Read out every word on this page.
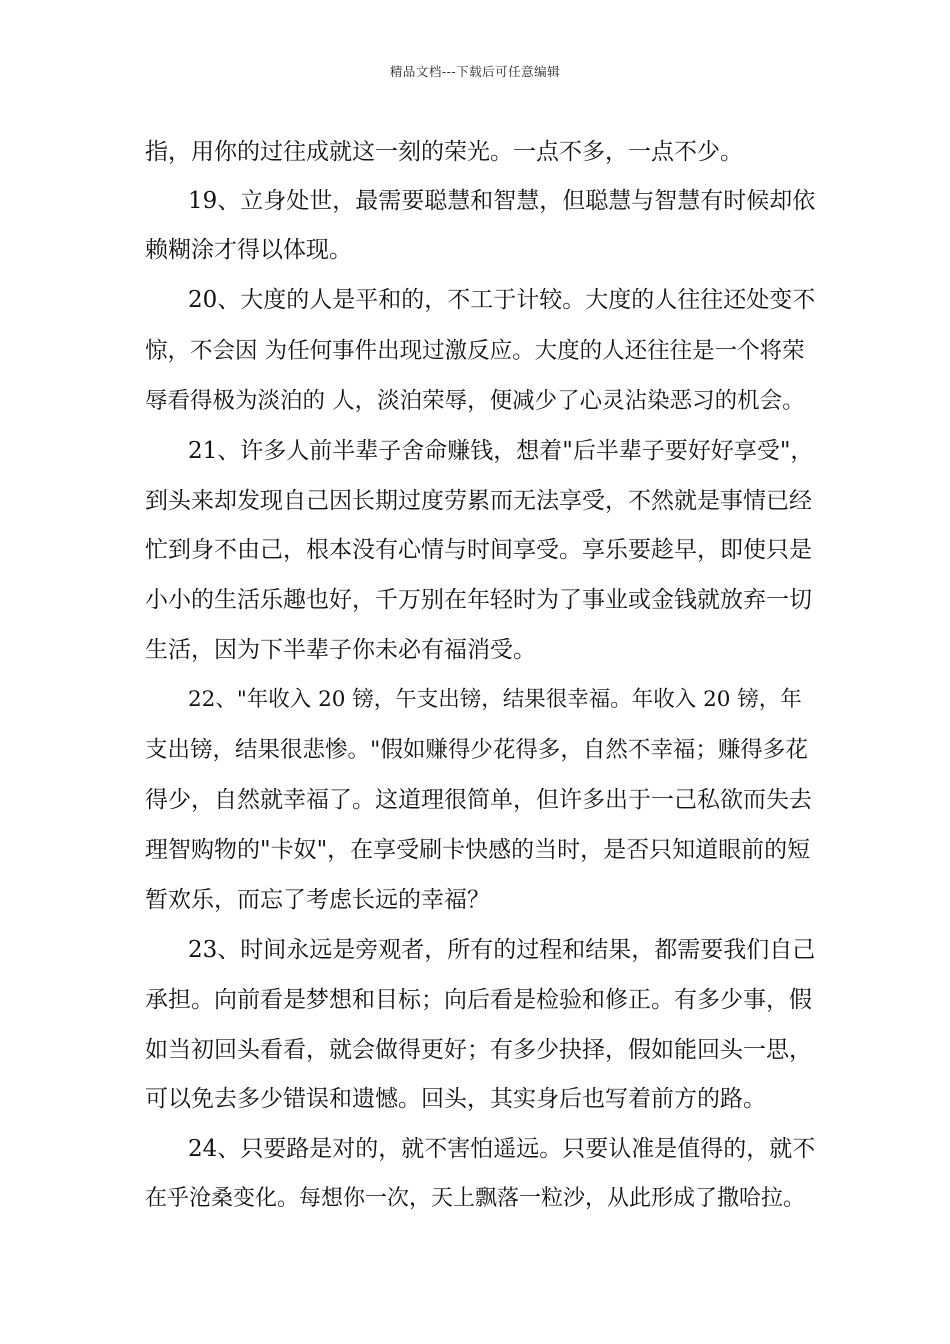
精品文档---下载后可任意编辑
指，用你的过往成就这一刻的荣光。一点不多，一点不少。
19、立身处世，最需要聪慧和智慧，但聪慧与智慧有时候却依
赖糊涂才得以体现。
20、大度的人是平和的，不工于计较。大度的人往往还处变不
惊，不会因 为任何事件出现过激反应。大度的人还往往是一个将荣
辱看得极为淡泊的 人，淡泊荣辱，便减少了心灵沾染恶习的机会。
21、许多人前半辈子舍命赚钱，想着"后半辈子要好好享受"，
到头来却发现自己因长期过度劳累而无法享受，不然就是事情已经
忙到身不由己，根本没有心情与时间享受。享乐要趁早，即使只是
小小的生活乐趣也好，千万别在年轻时为了事业或金钱就放弃一切
生活，因为下半辈子你未必有福消受。
22、"年收入 20 镑，午支出镑，结果很幸福。年收入 20 镑，年
支出镑，结果很悲惨。"假如赚得少花得多，自然不幸福；赚得多花
得少，自然就幸福了。这道理很简单，但许多出于一己私欲而失去
理智购物的"卡奴"，在享受刷卡快感的当时，是否只知道眼前的短
暂欢乐，而忘了考虑长远的幸福？
23、时间永远是旁观者，所有的过程和结果，都需要我们自己
承担。向前看是梦想和目标；向后看是检验和修正。有多少事，假
如当初回头看看，就会做得更好；有多少抉择，假如能回头一思，
可以免去多少错误和遗憾。回头，其实身后也写着前方的路。
24、只要路是对的，就不害怕遥远。只要认准是值得的，就不
在乎沧桑变化。每想你一次，天上飘落一粒沙，从此形成了撒哈拉。
